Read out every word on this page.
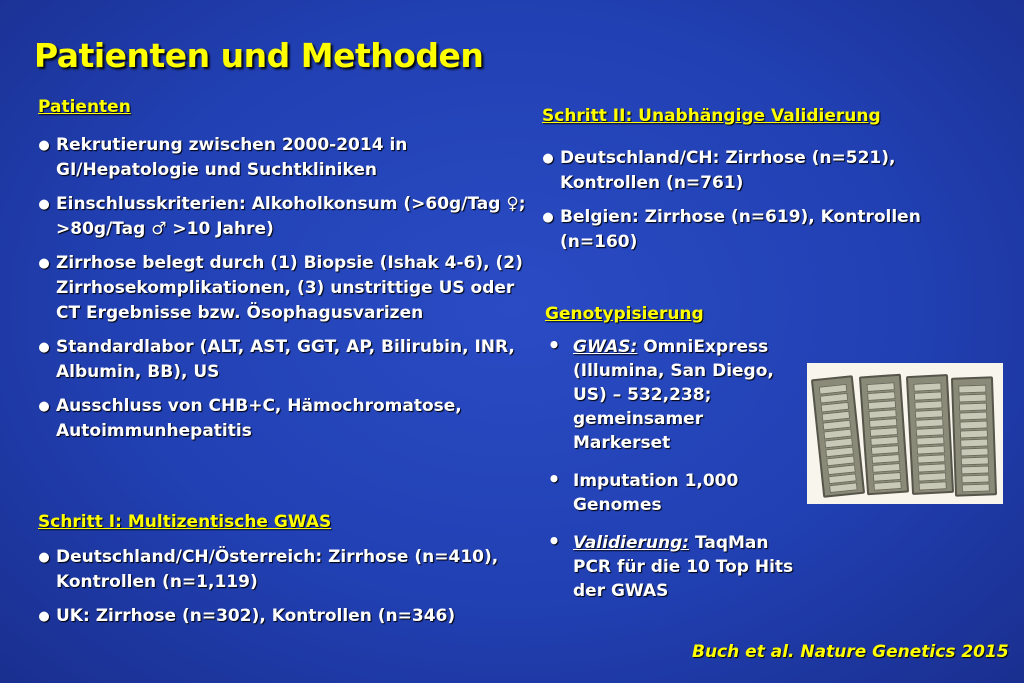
Patienten und Methoden
Patienten
● Rekrutierung zwischen 2000-2014 in GI/Hepatologie und Suchtkliniken
● Einschlusskriterien: Alkoholkonsum (>60g/Tag ♀; >80g/Tag ♂ >10 Jahre)
● Zirrhose belegt durch (1) Biopsie (Ishak 4-6), (2) Zirrhosekomplikationen, (3) unstrittige US oder CT Ergebnisse bzw. Ösophagusvarizen
● Standardlabor (ALT, AST, GGT, AP, Bilirubin, INR, Albumin, BB), US
● Ausschluss von CHB+C, Hämochromatose, Autoimmunhepatitis
Schritt I: Multizentische GWAS
● Deutschland/CH/Österreich: Zirrhose (n=410), Kontrollen (n=1,119)
● UK: Zirrhose (n=302), Kontrollen (n=346)
Schritt II: Unabhängige Validierung
● Deutschland/CH: Zirrhose (n=521), Kontrollen (n=761)
● Belgien: Zirrhose (n=619), Kontrollen (n=160)
Genotypisierung
• GWAS: OmniExpress (Illumina, San Diego, US) – 532,238; gemeinsamer Markerset
• Imputation 1,000 Genomes
• Validierung: TaqMan PCR für die 10 Top Hits der GWAS
Buch et al. Nature Genetics 2015
